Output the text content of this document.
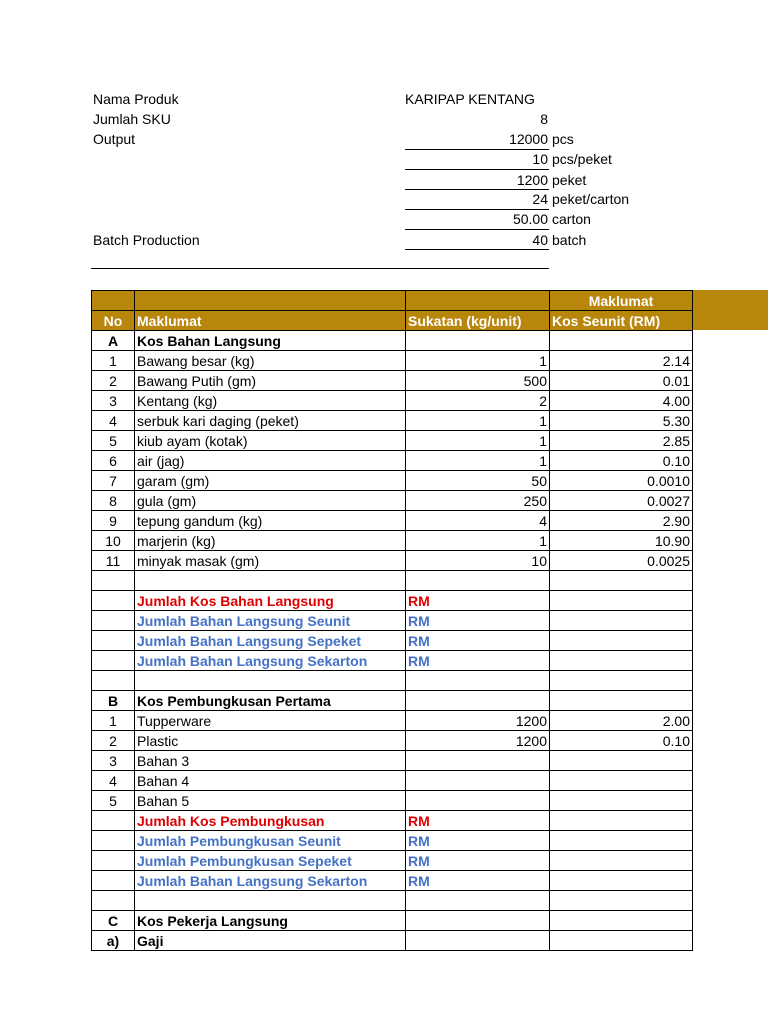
Nama Produk	KARIPAP KENTANG
Jumlah SKU	8
Output	12000 pcs
10 pcs/peket
1200 peket
24 peket/carton
50.00 carton
Batch Production	40 batch
			Maklumat
No	Maklumat	Sukatan (kg/unit)	Kos Seunit (RM)
A	Kos Bahan Langsung		
1	Bawang besar (kg)	1	2.14
2	Bawang Putih (gm)	500	0.01
3	Kentang (kg)	2	4.00
4	serbuk kari daging (peket)	1	5.30
5	kiub ayam (kotak)	1	2.85
6	air (jag)	1	0.10
7	garam (gm)	50	0.0010
8	gula (gm)	250	0.0027
9	tepung gandum (kg)	4	2.90
10	marjerin (kg)	1	10.90
11	minyak masak (gm)	10	0.0025

	Jumlah Kos Bahan Langsung	RM	
	Jumlah Bahan Langsung Seunit	RM	
	Jumlah Bahan Langsung Sepeket	RM	
	Jumlah Bahan Langsung Sekarton	RM	

B	Kos Pembungkusan Pertama		
1	Tupperware	1200	2.00
2	Plastic	1200	0.10
3	Bahan 3		
4	Bahan 4		
5	Bahan 5		
	Jumlah Kos Pembungkusan	RM	
	Jumlah Pembungkusan Seunit	RM	
	Jumlah Pembungkusan Sepeket	RM	
	Jumlah Bahan Langsung Sekarton	RM	

C	Kos Pekerja Langsung		
a)	Gaji		
